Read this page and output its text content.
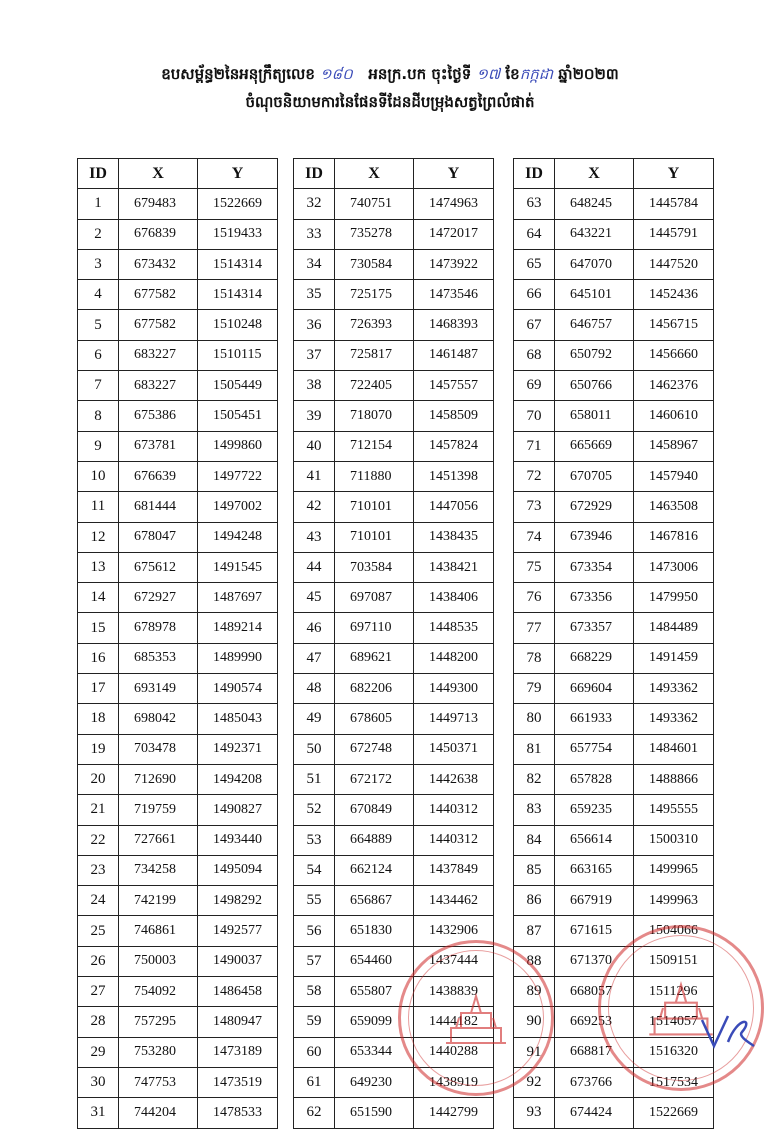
ឧបសម្ព័ន្ធ២នៃអនុក្រឹត្យលេខ ១៨០ អនក្រ.បក ចុះថ្ងៃទី ១៧ ខែកក្កដា ឆ្នាំ២០២៣
ចំណុចនិយាមការនៃផែនទីដែនដីបម្រុងសត្វព្រៃលំផាត់
ID	X	Y
1	679483	1522669
2	676839	1519433
3	673432	1514314
4	677582	1514314
5	677582	1510248
6	683227	1510115
7	683227	1505449
8	675386	1505451
9	673781	1499860
10	676639	1497722
11	681444	1497002
12	678047	1494248
13	675612	1491545
14	672927	1487697
15	678978	1489214
16	685353	1489990
17	693149	1490574
18	698042	1485043
19	703478	1492371
20	712690	1494208
21	719759	1490827
22	727661	1493440
23	734258	1495094
24	742199	1498292
25	746861	1492577
26	750003	1490037
27	754092	1486458
28	757295	1480947
29	753280	1473189
30	747753	1473519
31	744204	1478533
ID	X	Y
32	740751	1474963
33	735278	1472017
34	730584	1473922
35	725175	1473546
36	726393	1468393
37	725817	1461487
38	722405	1457557
39	718070	1458509
40	712154	1457824
41	711880	1451398
42	710101	1447056
43	710101	1438435
44	703584	1438421
45	697087	1438406
46	697110	1448535
47	689621	1448200
48	682206	1449300
49	678605	1449713
50	672748	1450371
51	672172	1442638
52	670849	1440312
53	664889	1440312
54	662124	1437849
55	656867	1434462
56	651830	1432906
57	654460	1437444
58	655807	1438839
59	659099	1444182
60	653344	1440288
61	649230	1438919
62	651590	1442799
ID	X	Y
63	648245	1445784
64	643221	1445791
65	647070	1447520
66	645101	1452436
67	646757	1456715
68	650792	1456660
69	650766	1462376
70	658011	1460610
71	665669	1458967
72	670705	1457940
73	672929	1463508
74	673946	1467816
75	673354	1473006
76	673356	1479950
77	673357	1484489
78	668229	1491459
79	669604	1493362
80	661933	1493362
81	657754	1484601
82	657828	1488866
83	659235	1495555
84	656614	1500310
85	663165	1499965
86	667919	1499963
87	671615	1504066
88	671370	1509151
89	668057	1511296
90	669253	1514057
91	668817	1516320
92	673766	1517534
93	674424	1522669
